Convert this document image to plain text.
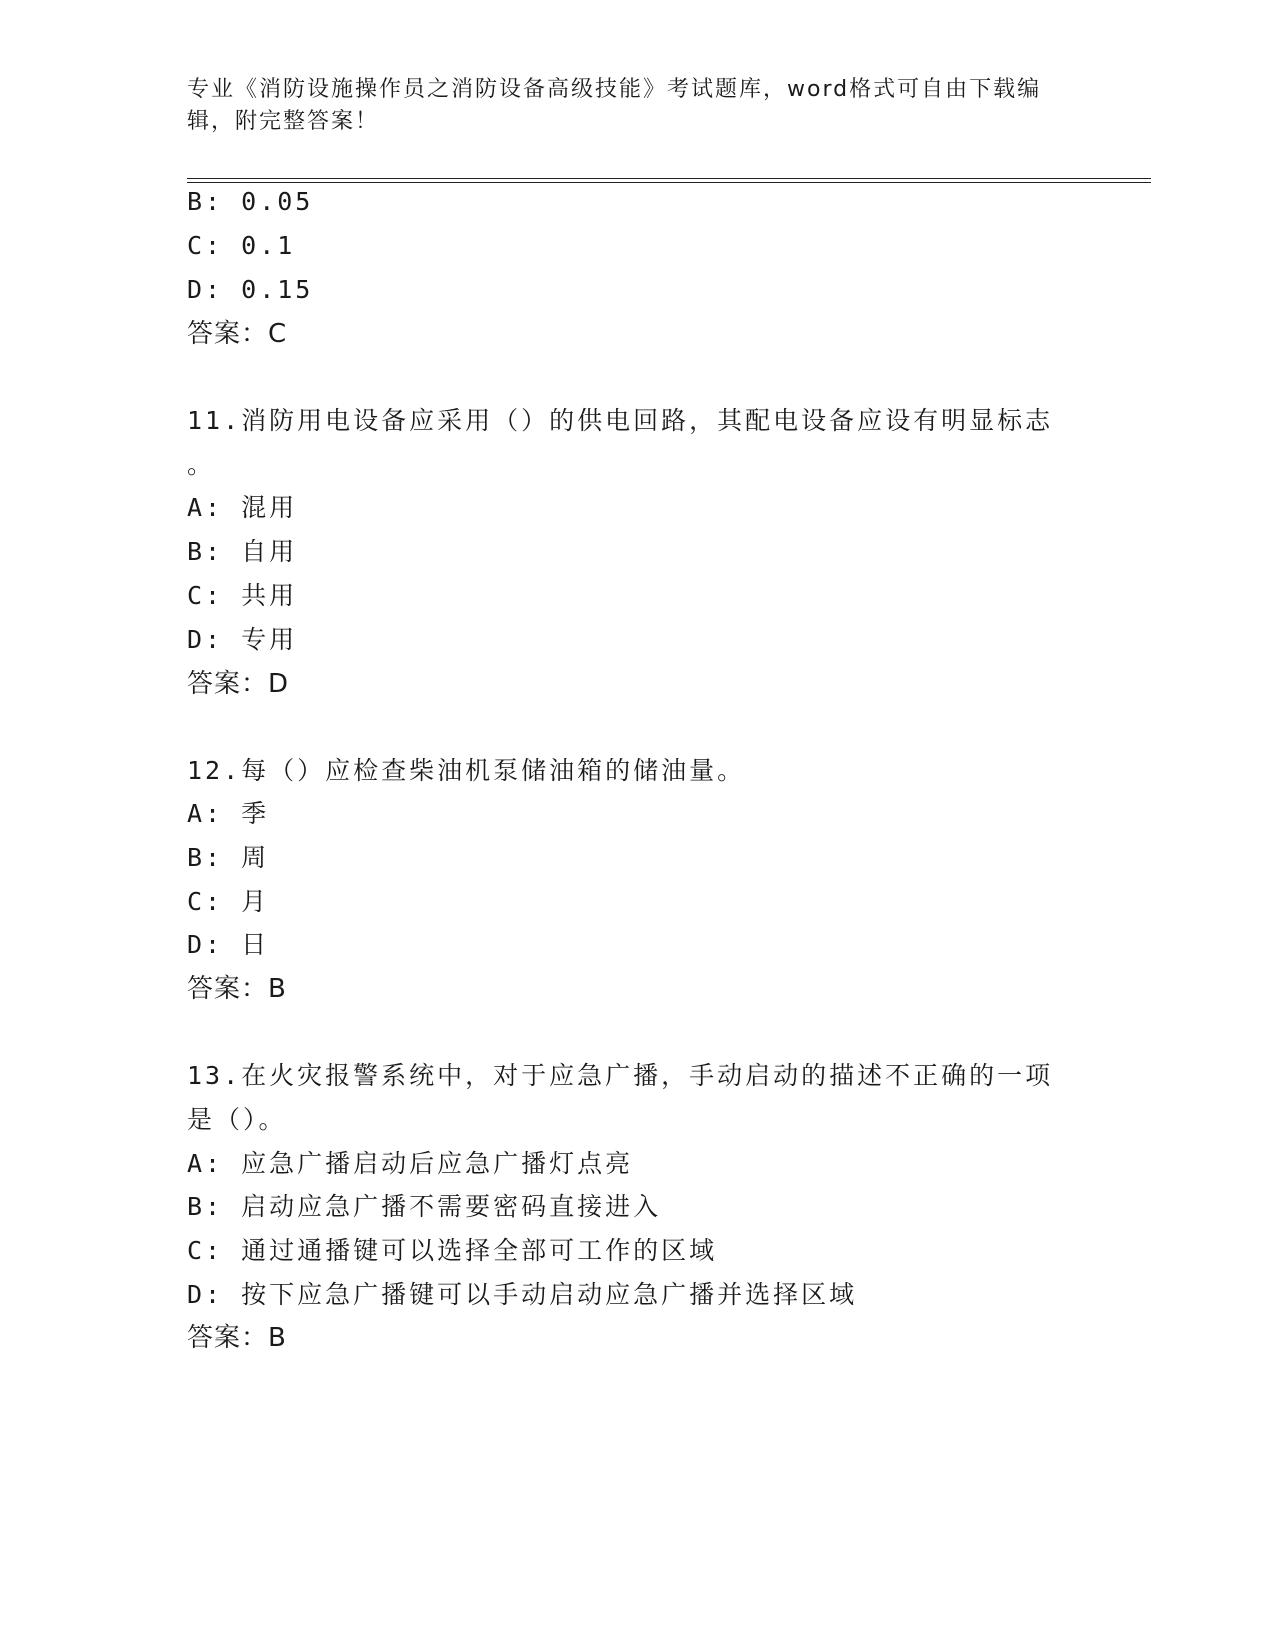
专业《消防设施操作员之消防设备高级技能》考试题库，word格式可自由下载编辑，附完整答案！
B: 0.05
C: 0.1
D: 0.15
答案：C
11.消防用电设备应采用（）的供电回路，其配电设备应设有明显标志
。
A: 混用
B: 自用
C: 共用
D: 专用
答案：D
12.每（）应检查柴油机泵储油箱的储油量。
A: 季
B: 周
C: 月
D: 日
答案：B
13.在火灾报警系统中，对于应急广播，手动启动的描述不正确的一项
是（）。
A: 应急广播启动后应急广播灯点亮
B: 启动应急广播不需要密码直接进入
C: 通过通播键可以选择全部可工作的区域
D: 按下应急广播键可以手动启动应急广播并选择区域
答案：B
